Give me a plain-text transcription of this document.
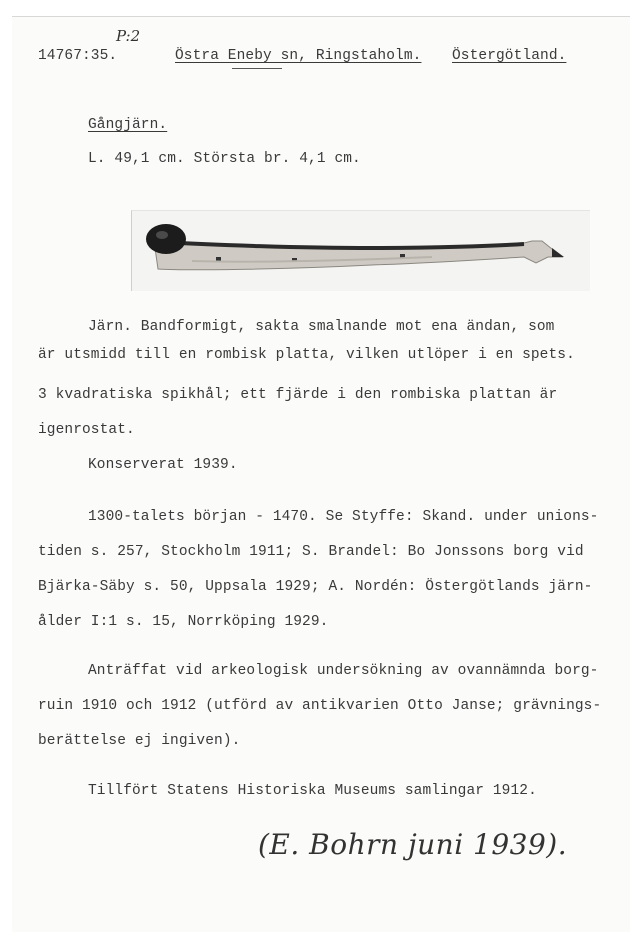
P:2
14767:35.	Östra Eneby sn, Ringstaholm. Östergötland.
Gångjärn.
L. 49,1 cm. Största br. 4,1 cm.
Järn. Bandformigt, sakta smalnande mot ena ändan, som
är utsmidd till en rombisk platta, vilken utlöper i en spets.
3 kvadratiska spikhål; ett fjärde i den rombiska plattan är
igenrostat.
Konserverat 1939.
1300-talets början - 1470. Se Styffe: Skand. under unions-
tiden s. 257, Stockholm 1911; S. Brandel: Bo Jonssons borg vid
Bjärka-Säby s. 50, Uppsala 1929; A. Nordén: Östergötlands järn-
ålder I:1 s. 15, Norrköping 1929.
Anträffat vid arkeologisk undersökning av ovannämnda borg-
ruin 1910 och 1912 (utförd av antikvarien Otto Janse; grävnings-
berättelse ej ingiven).
Tillfört Statens Historiska Museums samlingar 1912.
(E. Bohrn juni 1939).
